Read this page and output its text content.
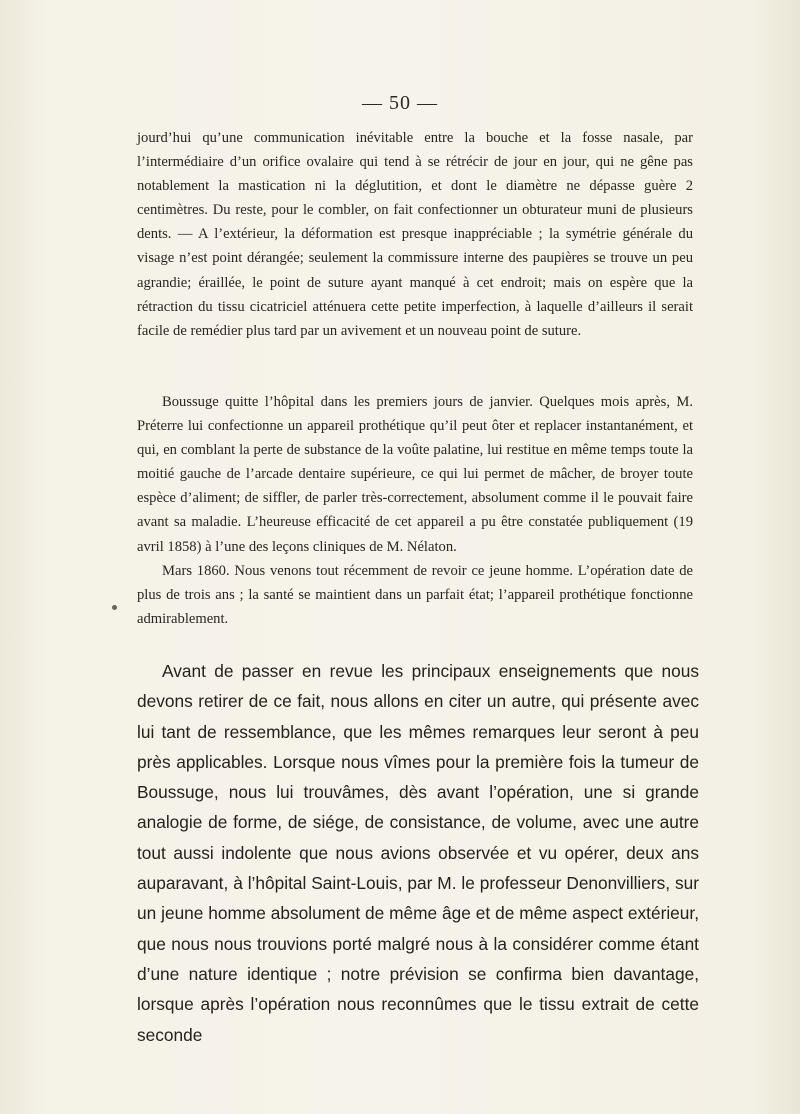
— 50 —

jourd’hui qu’une communication inévitable entre la bouche et la fosse nasale, par l’intermédiaire d’un orifice ovalaire qui tend à se rétrécir de jour en jour, qui ne gêne pas notablement la mastication ni la déglutition, et dont le diamètre ne dépasse guère 2 centimètres. Du reste, pour le combler, on fait confectionner un obturateur muni de plusieurs dents. — A l’extérieur, la déformation est presque inappréciable ; la symétrie générale du visage n’est point dérangée; seulement la commissure interne des paupières se trouve un peu agrandie; éraillée, le point de suture ayant manqué à cet endroit; mais on espère que la rétraction du tissu cicatriciel atténuera cette petite imperfection, à laquelle d’ailleurs il serait facile de remédier plus tard par un avivement et un nouveau point de suture.

Boussuge quitte l’hôpital dans les premiers jours de janvier. Quelques mois après, M. Préterre lui confectionne un appareil prothétique qu’il peut ôter et replacer instantanément, et qui, en comblant la perte de substance de la voûte palatine, lui restitue en même temps toute la moitié gauche de l’arcade dentaire supérieure, ce qui lui permet de mâcher, de broyer toute espèce d’aliment; de siffler, de parler très-correctement, absolument comme il le pouvait faire avant sa maladie. L’heureuse efficacité de cet appareil a pu être constatée publiquement (19 avril 1858) à l’une des leçons cliniques de M. Nélaton.

Mars 1860. Nous venons tout récemment de revoir ce jeune homme. L’opération date de plus de trois ans ; la santé se maintient dans un parfait état; l’appareil prothétique fonctionne admirablement.

Avant de passer en revue les principaux enseignements que nous devons retirer de ce fait, nous allons en citer un autre, qui présente avec lui tant de ressemblance, que les mêmes remarques leur seront à peu près applicables. Lorsque nous vîmes pour la première fois la tumeur de Boussuge, nous lui trouvâmes, dès avant l’opération, une si grande analogie de forme, de siége, de consistance, de volume, avec une autre tout aussi indolente que nous avions observée et vu opérer, deux ans auparavant, à l’hôpital Saint-Louis, par M. le professeur Denonvilliers, sur un jeune homme absolument de même âge et de même aspect extérieur, que nous nous trouvions porté malgré nous à la considérer comme étant d’une nature identique ; notre prévision se confirma bien davantage, lorsque après l’opération nous reconnûmes que le tissu extrait de cette seconde
